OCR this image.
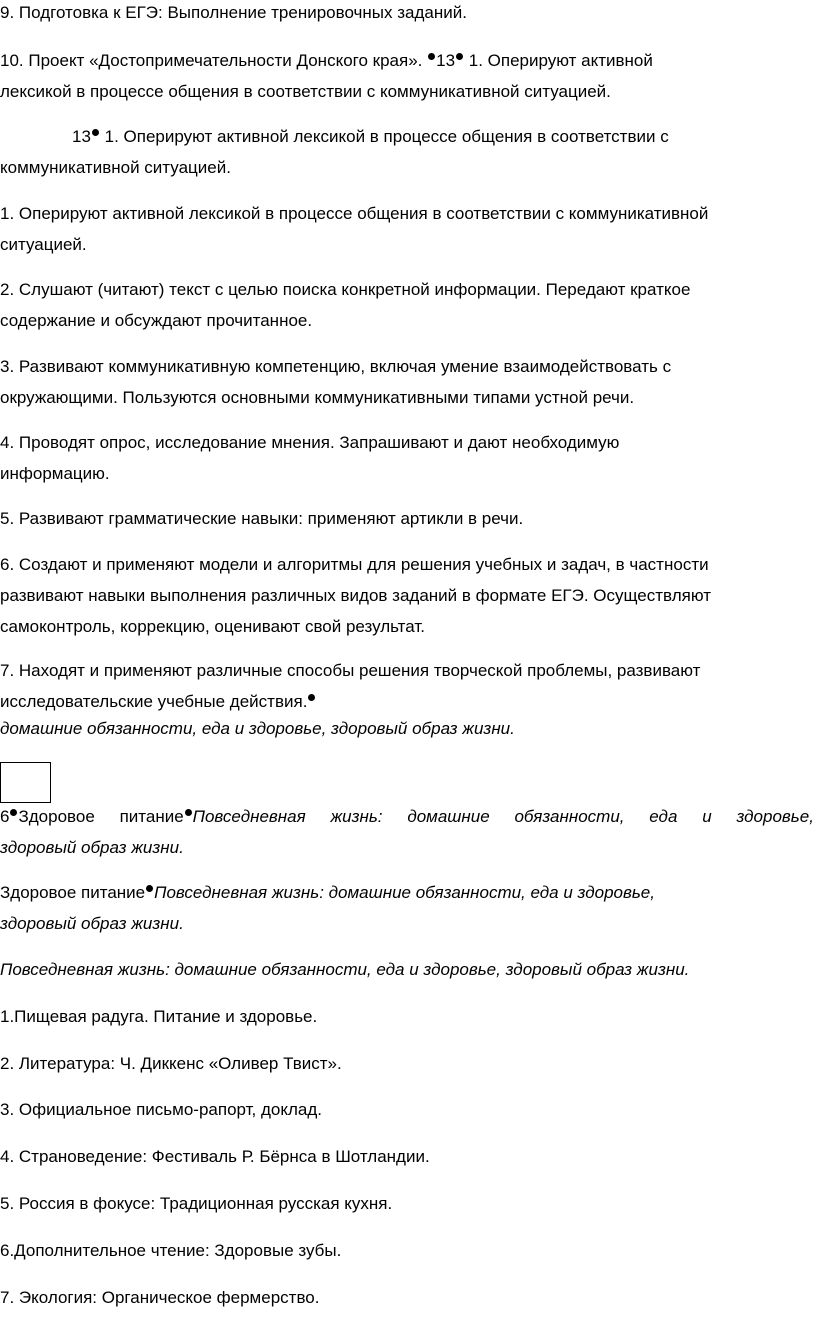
9. Подготовка к ЕГЭ: Выполнение тренировочных заданий.

10. Проект «Достопримечательности Донского края». 13 1. Оперируют активной
лексикой в процессе общения в соответствии с коммуникативной ситуацией.

13 1. Оперируют активной лексикой в процессе общения в соответствии с
коммуникативной ситуацией.

1. Оперируют активной лексикой в процессе общения в соответствии с коммуникативной
ситуацией.

2. Слушают (читают) текст с целью поиска конкретной информации. Передают краткое
содержание и обсуждают прочитанное.

3. Развивают коммуникативную компетенцию, включая умение взаимодействовать с
окружающими. Пользуются основными коммуникативными типами устной речи.

4. Проводят опрос, исследование мнения. Запрашивают и дают необходимую
информацию.

5. Развивают грамматические навыки: применяют артикли в речи.

6. Создают и применяют модели и алгоритмы для решения учебных и задач, в частности
развивают навыки выполнения различных видов заданий в формате ЕГЭ. Осуществляют
самоконтроль, коррекцию, оценивают свой результат.

7. Находят и применяют различные способы решения творческой проблемы, развивают
исследовательские учебные действия.

домашние обязанности, еда и здоровье, здоровый образ жизни.

6 Здоровое питание Повседневная жизнь: домашние обязанности, еда и здоровье,
здоровый образ жизни.

Здоровое питание Повседневная жизнь: домашние обязанности, еда и здоровье,
здоровый образ жизни.

Повседневная жизнь: домашние обязанности, еда и здоровье, здоровый образ жизни.

1.Пищевая радуга. Питание и здоровье.

2. Литература: Ч. Диккенс «Оливер Твист».

3. Официальное письмо-рапорт, доклад.

4. Страноведение: Фестиваль Р. Бёрнса в Шотландии.

5. Россия в фокусе: Традиционная русская кухня.

6.Дополнительное чтение: Здоровые зубы.

7. Экология: Органическое фермерство.
